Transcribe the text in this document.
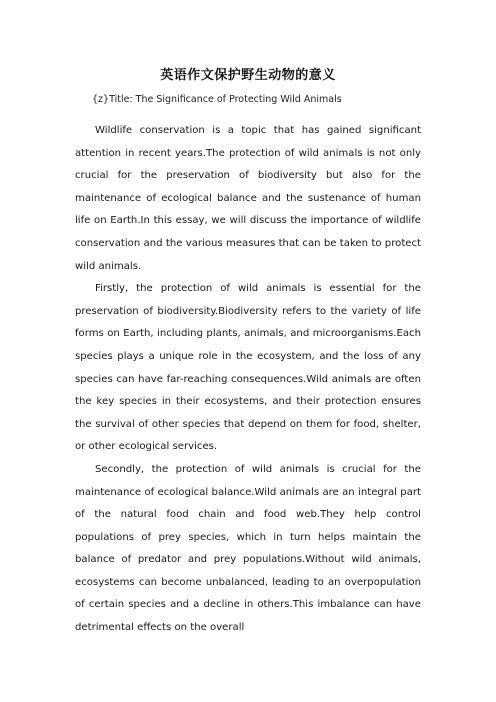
英语作文保护野生动物的意义
{z}Title: The Significance of Protecting Wild Animals

Wildlife conservation is a topic that has gained significant attention in recent years.The protection of wild animals is not only crucial for the preservation of biodiversity but also for the maintenance of ecological balance and the sustenance of human life on Earth.In this essay, we will discuss the importance of wildlife conservation and the various measures that can be taken to protect wild animals.

Firstly, the protection of wild animals is essential for the preservation of biodiversity.Biodiversity refers to the variety of life forms on Earth, including plants, animals, and microorganisms.Each species plays a unique role in the ecosystem, and the loss of any species can have far-reaching consequences.Wild animals are often the key species in their ecosystems, and their protection ensures the survival of other species that depend on them for food, shelter, or other ecological services.

Secondly, the protection of wild animals is crucial for the maintenance of ecological balance.Wild animals are an integral part of the natural food chain and food web.They help control populations of prey species, which in turn helps maintain the balance of predator and prey populations.Without wild animals, ecosystems can become unbalanced, leading to an overpopulation of certain species and a decline in others.This imbalance can have detrimental effects on the overall
